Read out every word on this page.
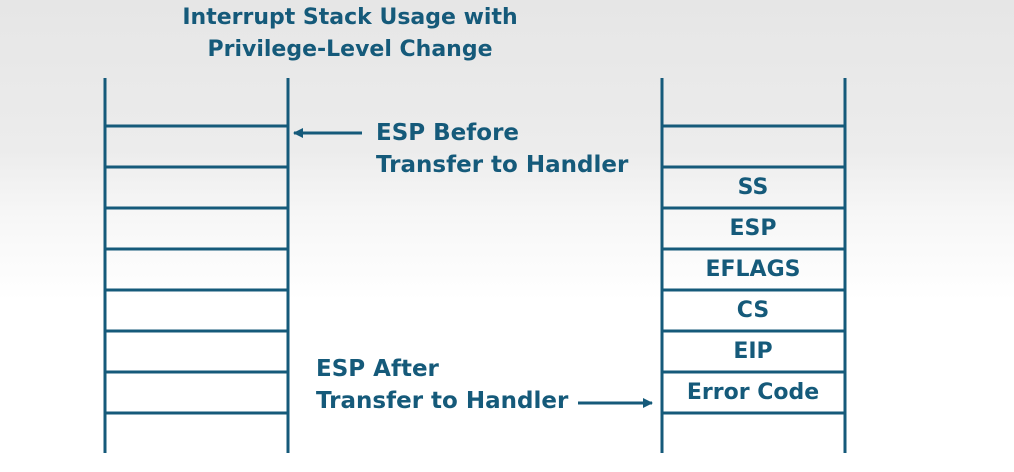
Interrupt Stack Usage with
Privilege-Level Change
ESP Before
Transfer to Handler
ESP After
Transfer to Handler
SS
ESP
EFLAGS
CS
EIP
Error Code
